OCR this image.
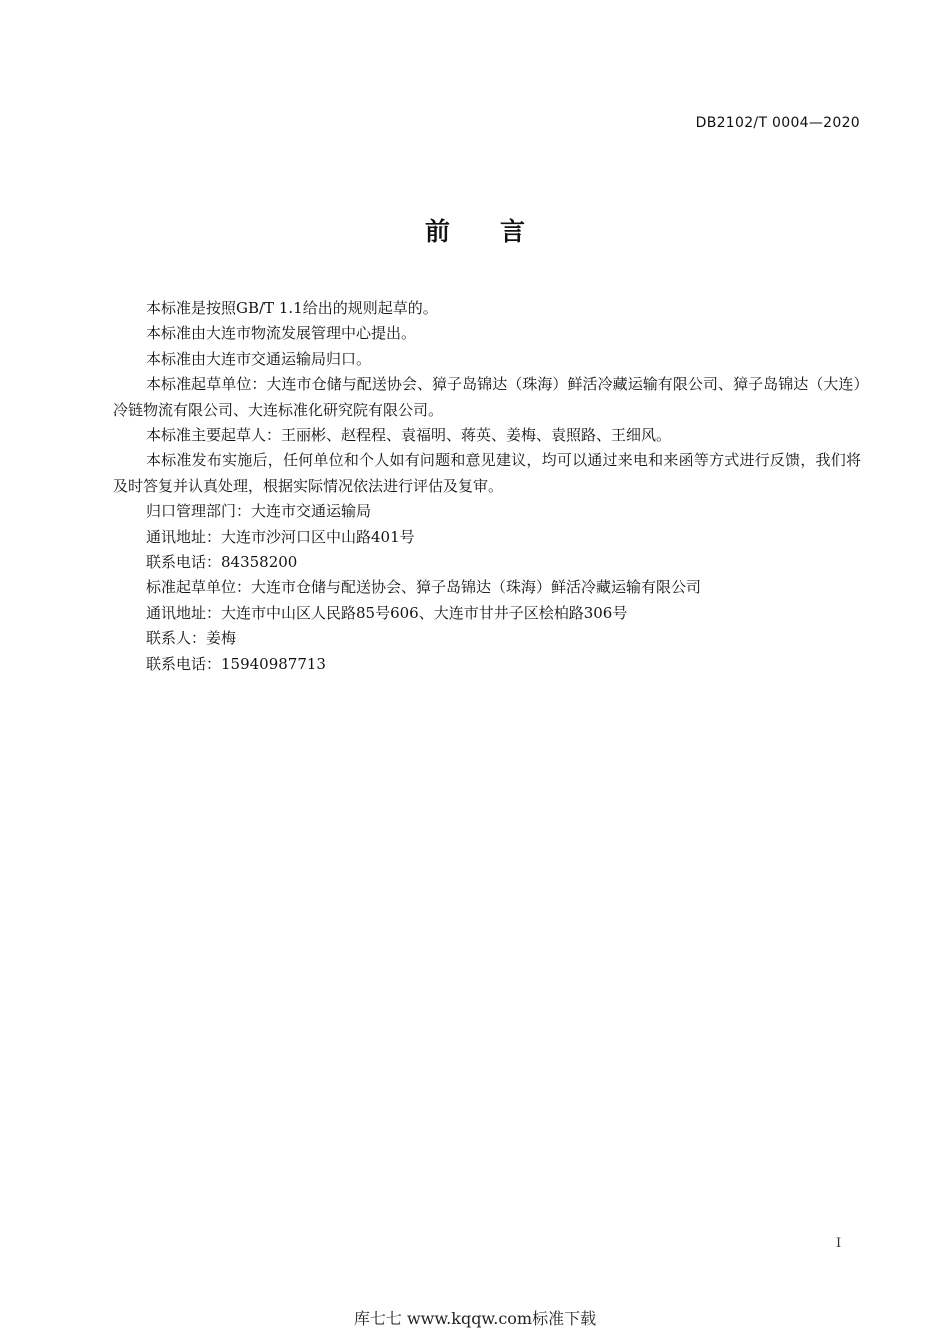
DB2102/T 0004—2020
前言

本标准是按照GB/T 1.1给出的规则起草的。

本标准由大连市物流发展管理中心提出。

本标准由大连市交通运输局归口。

本标准起草单位：大连市仓储与配送协会、獐子岛锦达（珠海）鲜活冷藏运输有限公司、獐子岛锦达（大连）冷链物流有限公司、大连标准化研究院有限公司。

本标准主要起草人：王丽彬、赵程程、袁福明、蒋英、姜梅、袁照路、王细风。

本标准发布实施后，任何单位和个人如有问题和意见建议，均可以通过来电和来函等方式进行反馈，我们将及时答复并认真处理，根据实际情况依法进行评估及复审。

归口管理部门：大连市交通运输局

通讯地址：大连市沙河口区中山路401号

联系电话：84358200

标准起草单位：大连市仓储与配送协会、獐子岛锦达（珠海）鲜活冷藏运输有限公司

通讯地址：大连市中山区人民路85号606、大连市甘井子区桧柏路306号

联系人：姜梅

联系电话：15940987713

I
库七七 www.kqqw.com标准下载
